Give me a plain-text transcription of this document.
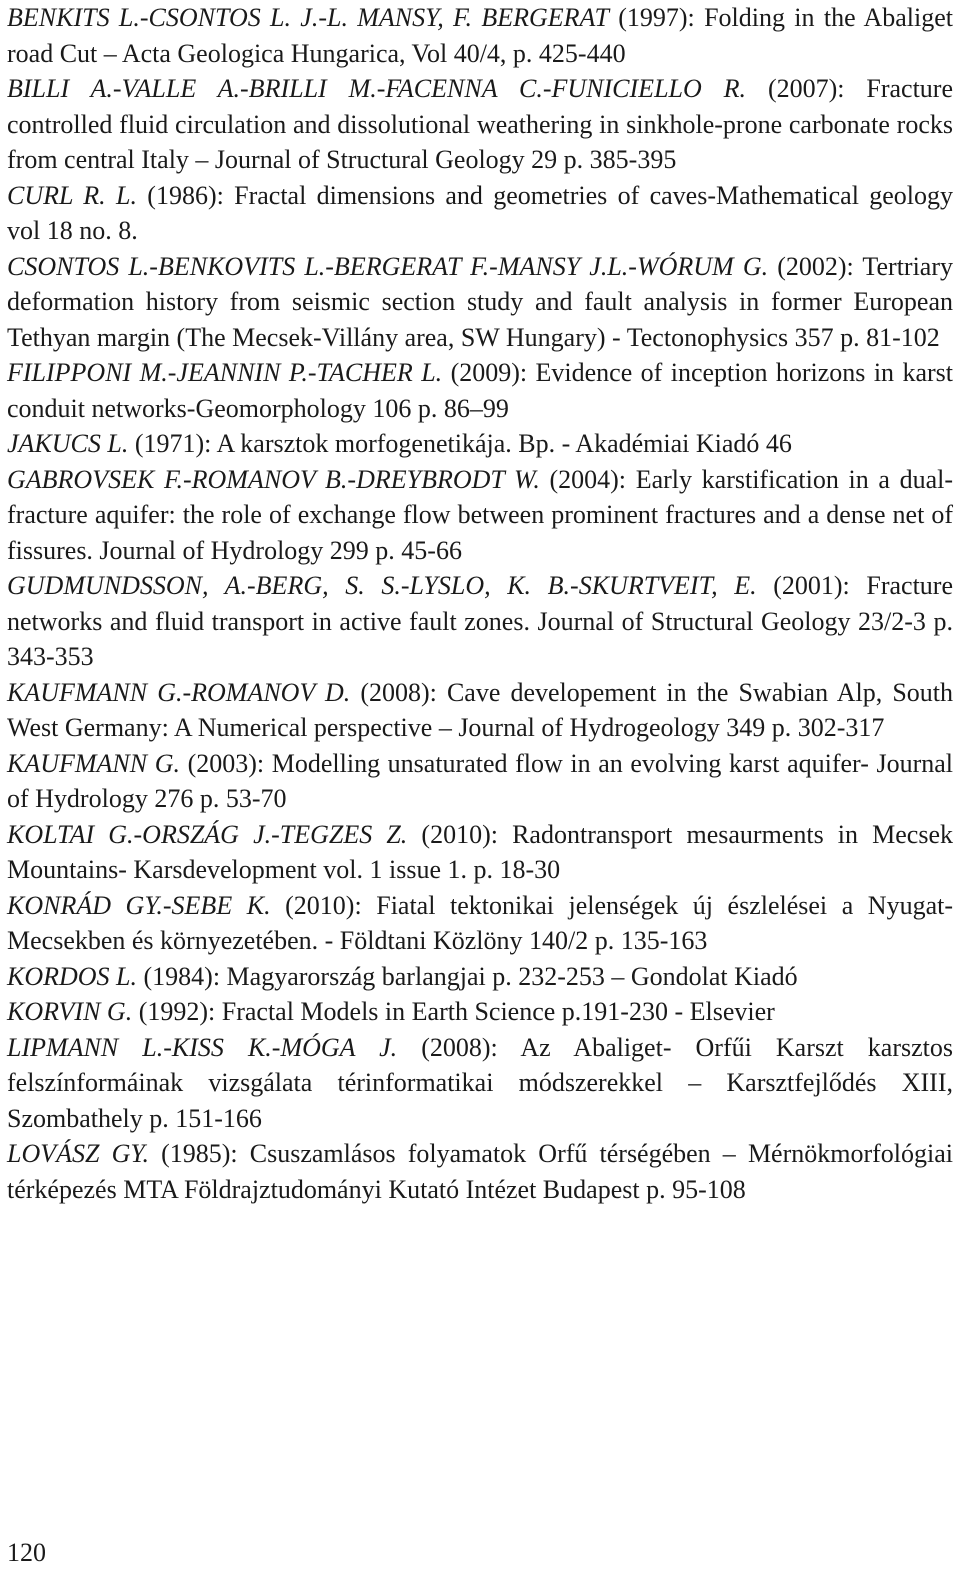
BENKITS L.-CSONTOS L. J.-L. MANSY, F. BERGERAT (1997): Folding in the Abaliget road Cut – Acta Geologica Hungarica, Vol 40/4, p. 425-440
BILLI A.-VALLE A.-BRILLI M.-FACENNA C.-FUNICIELLO R. (2007): Fracture controlled fluid circulation and dissolutional weathering in sinkhole-prone carbonate rocks from central Italy – Journal of Structural Geology 29 p. 385-395
CURL R. L. (1986): Fractal dimensions and geometries of caves-Mathematical geology vol 18 no. 8.
CSONTOS L.-BENKOVITS L.-BERGERAT F.-MANSY J.L.-WÓRUM G. (2002): Tertriary deformation history from seismic section study and fault analysis in former European Tethyan margin (The Mecsek-Villány area, SW Hungary) - Tectonophysics 357 p. 81-102
FILIPPONI M.-JEANNIN P.-TACHER L. (2009): Evidence of inception horizons in karst conduit networks-Geomorphology 106 p. 86–99
JAKUCS L. (1971): A karsztok morfogenetikája. Bp. - Akadémiai Kiadó 46
GABROVSEK F.-ROMANOV B.-DREYBRODT W. (2004): Early karstification in a dual-fracture aquifer: the role of exchange flow between prominent fractures and a dense net of fissures. Journal of Hydrology 299 p. 45-66
GUDMUNDSSON, A.-BERG, S. S.-LYSLO, K. B.-SKURTVEIT, E. (2001): Fracture networks and fluid transport in active fault zones. Journal of Structural Geology 23/2-3 p. 343-353
KAUFMANN G.-ROMANOV D. (2008): Cave developement in the Swabian Alp, South West Germany: A Numerical perspective – Journal of Hydrogeology 349 p. 302-317
KAUFMANN G. (2003): Modelling unsaturated flow in an evolving karst aquifer- Journal of Hydrology 276 p. 53-70
KOLTAI G.-ORSZÁG J.-TEGZES Z. (2010): Radontransport mesaurments in Mecsek Mountains- Karsdevelopment vol. 1 issue 1. p. 18-30
KONRÁD GY.-SEBE K. (2010): Fiatal tektonikai jelenségek új észlelései a Nyugat-Mecsekben és környezetében. - Földtani Közlöny 140/2 p. 135-163
KORDOS L. (1984): Magyarország barlangjai p. 232-253 – Gondolat Kiadó
KORVIN G. (1992): Fractal Models in Earth Science p.191-230 - Elsevier
LIPMANN L.-KISS K.-MÓGA J. (2008): Az Abaliget- Orfűi Karszt karsztos felszínformáinak vizsgálata térinformatikai módszerekkel – Karsztfejlődés XIII, Szombathely p. 151-166
LOVÁSZ GY. (1985): Csuszamlásos folyamatok Orfű térségében – Mérnökmorfológiai térképezés MTA Földrajztudományi Kutató Intézet Budapest p. 95-108
120
